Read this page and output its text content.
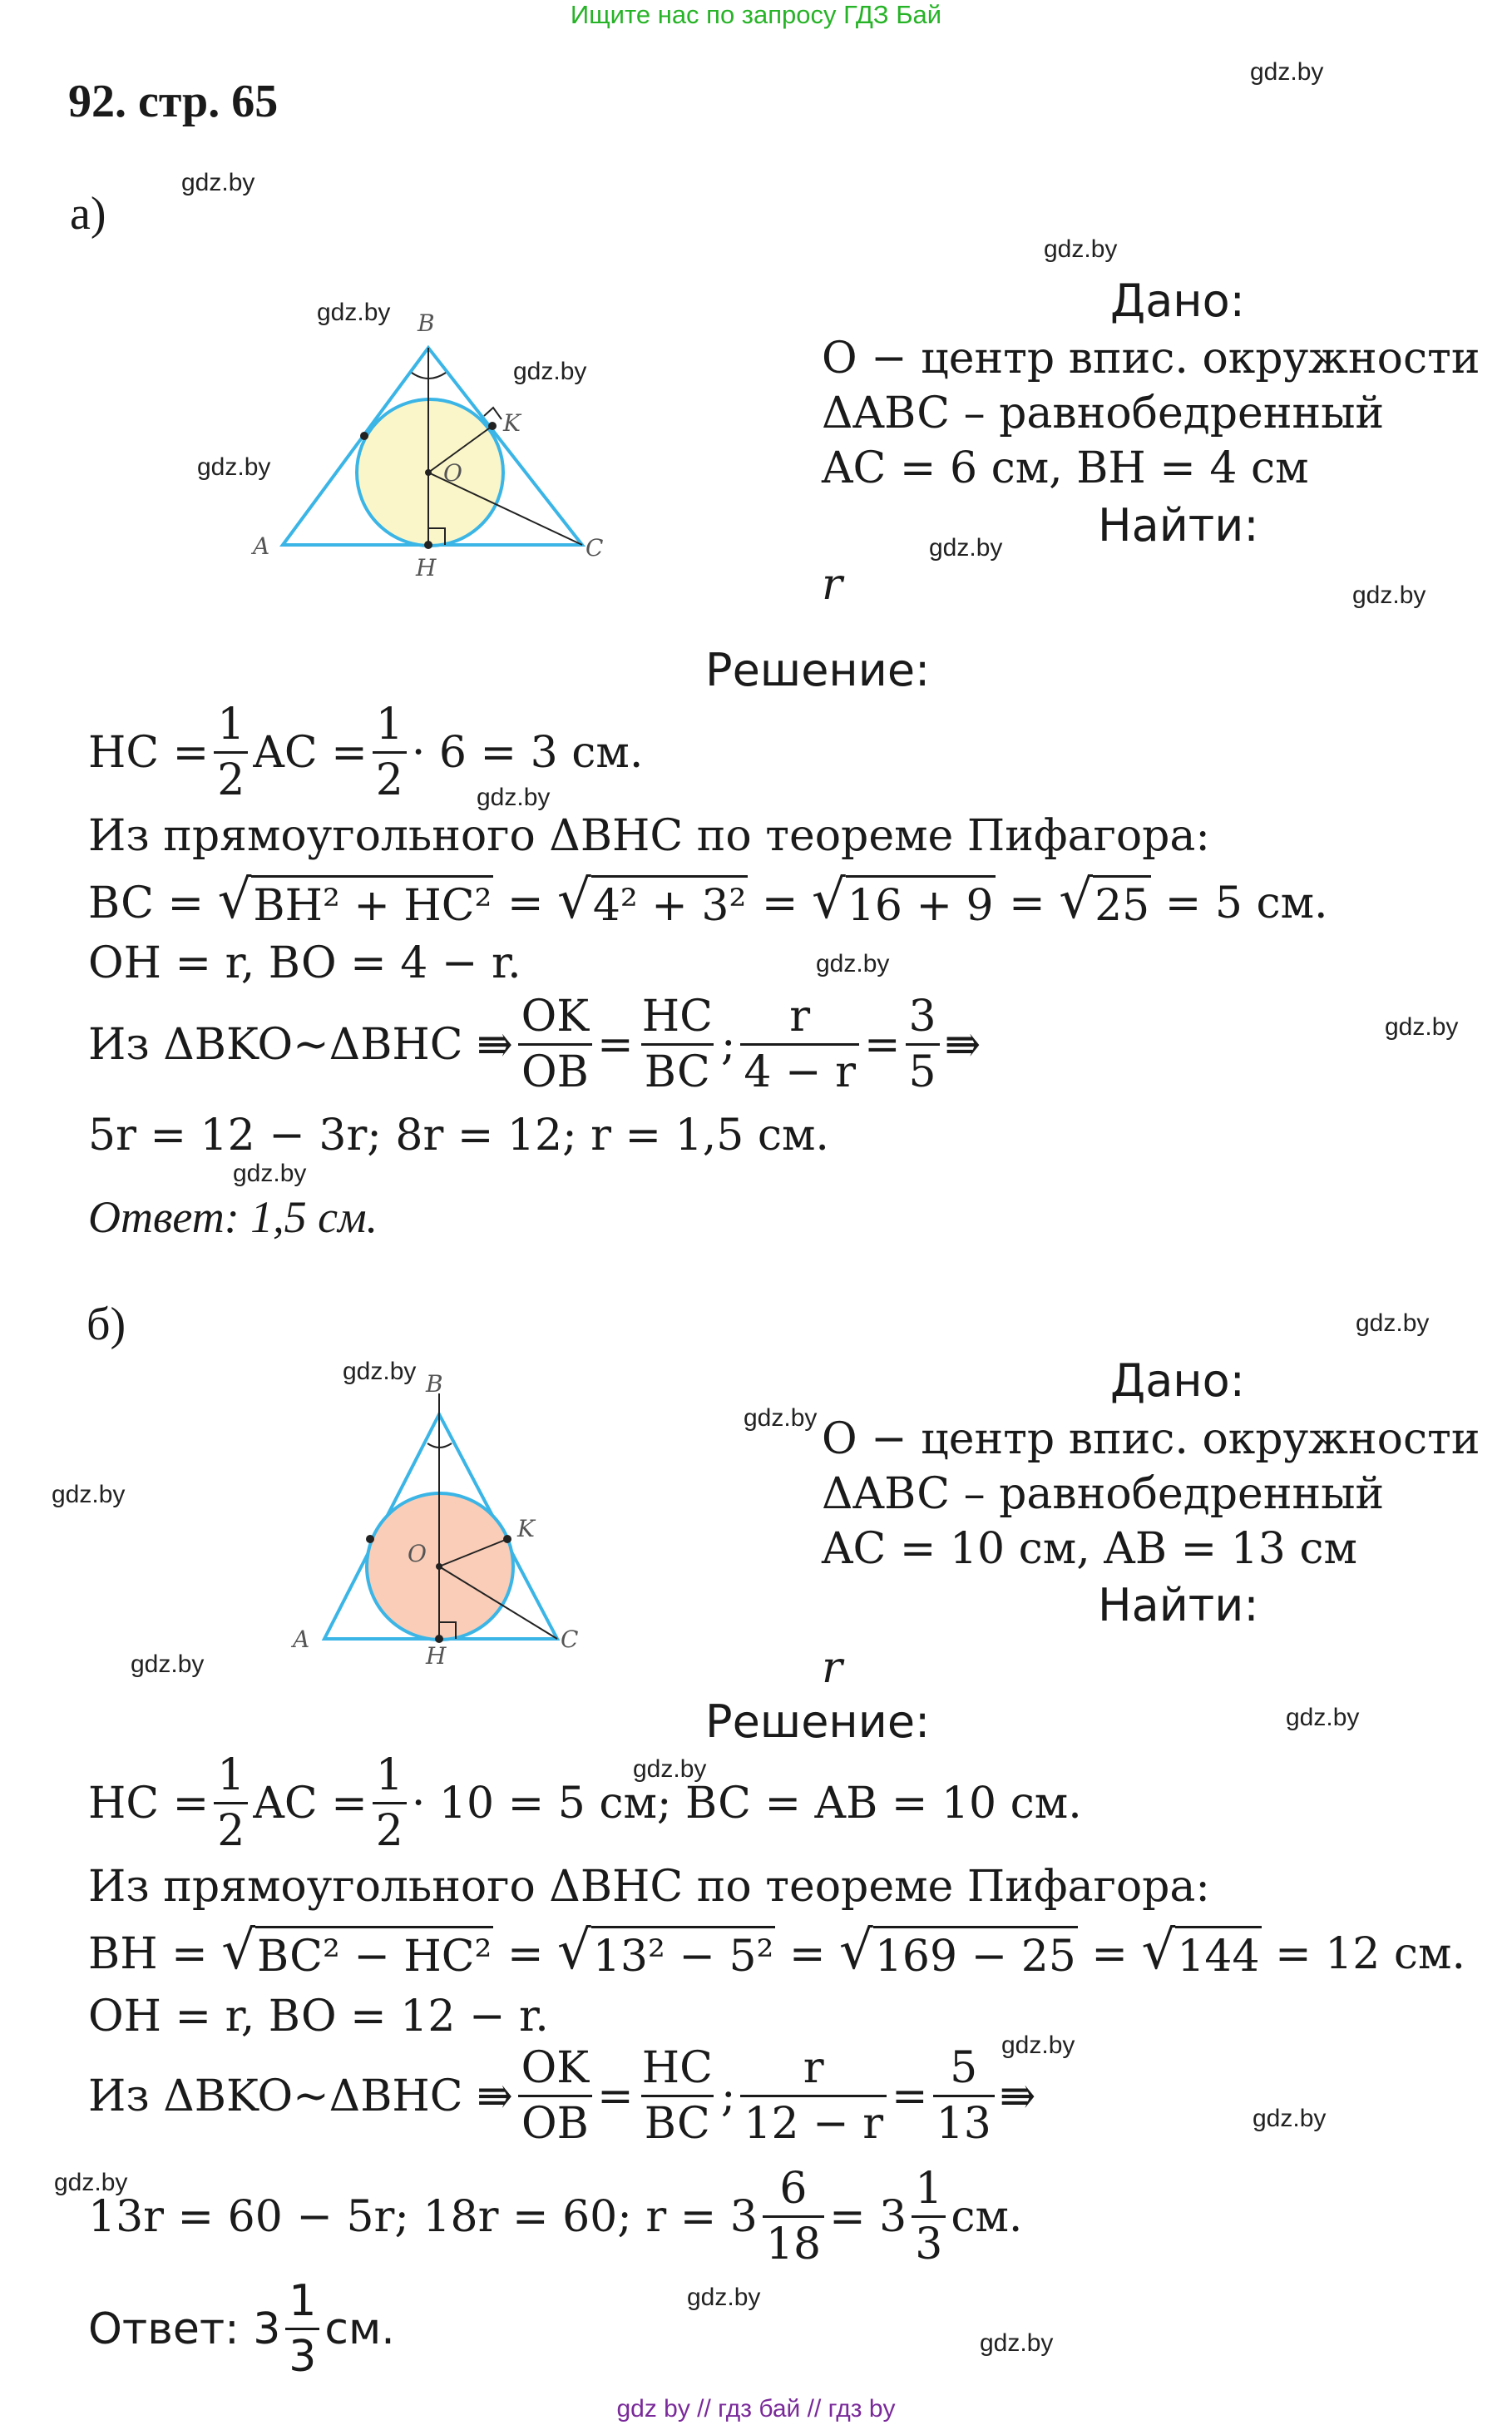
Ищите нас по запросу ГДЗ Бай
gdz.by
gdz.by
gdz.by
gdz.by
gdz.by
gdz.by
gdz.by
gdz.by
gdz.by
gdz.by
gdz.by
gdz.by
gdz.by
gdz.by
gdz.by
gdz.by
gdz.by
gdz.by
gdz.by
gdz.by
gdz.by
gdz.by
gdz.by
gdz.by
92. стр. 65
а)
B
K
O
A
H
C
Дано:
O − центр впис. окружности
ΔABC – равнобедренный
AC = 6 см, BH = 4 см
Найти:
r
Решение:
HC = $\frac{1}{2}$ AC = $\frac{1}{2} \cdot 6 = 3$ см.
Из прямоугольного ΔBHC по теореме Пифагора:
BC =
√ BH² + HC²
=
√ 4² + 3²
=
√ 16 + 9
=
√ 25
= 5 см.
OH = r, BO = 4 − r.
Из ΔBKO~ΔBHC ⇛ $\frac{OK}{OB} = \frac{HC}{BC}$ ; $\frac{r}{4 - r} = \frac{3}{5}$ ⇛
5r = 12 − 3r; 8r = 12; r = 1,5 см.
Ответ: 1,5 см.
б)
B
K
O
A
H
C
Дано:
O − центр впис. окружности
ΔABC – равнобедренный
AC = 10 см, AB = 13 см
Найти:
r
Решение:
HC = $\frac{1}{2}$ AC = $\frac{1}{2} \cdot 10 = 5$ см; BC = AB = 10 см.
Из прямоугольного ΔBHC по теореме Пифагора:
BH =
√ BC² − HC²
=
√ 13² − 5²
=
√ 169 − 25
=
√ 144
= 12 см.
OH = r, BO = 12 − r.
Из ΔBKO~ΔBHC ⇛ $\frac{OK}{OB} = \frac{HC}{BC}$ ; $\frac{r}{12 - r} = \frac{5}{13}$ ⇛
13r = 60 − 5r; 18r = 60; $r = 3 \frac{6}{18} = 3 \frac{1}{3}$ см.
Ответ: $3 \frac{1}{3}$ см.
gdz by // гдз бай // гдз by
